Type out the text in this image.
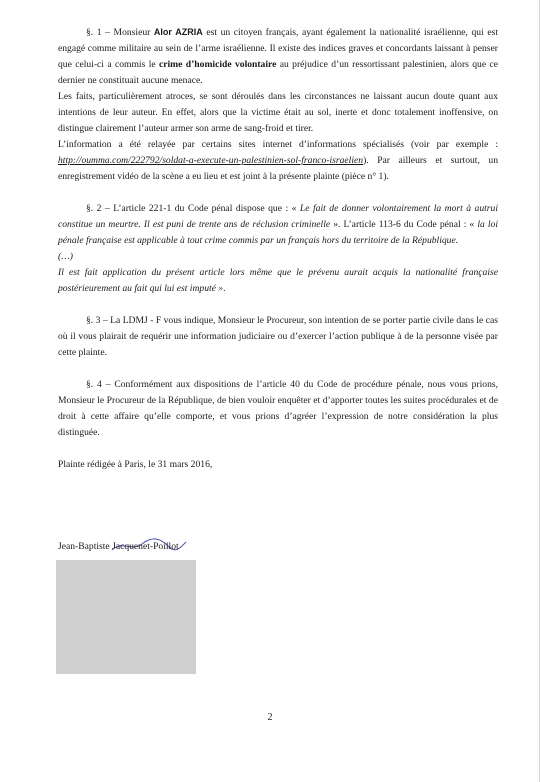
§. 1 – Monsieur Alor AZRIA est un citoyen français, ayant également la nationalité israélienne, qui est engagé comme militaire au sein de l’arme israélienne. Il existe des indices graves et concordants laissant à penser que celui-ci a commis le crime d’homicide volontaire au préjudice d’un ressortissant palestinien, alors que ce dernier ne constituait aucune menace.

Les faits, particulièrement atroces, se sont déroulés dans les circonstances ne laissant aucun doute quant aux intentions de leur auteur. En effet, alors que la victime était au sol, inerte et donc totalement inoffensive, on distingue clairement l’auteur armer son arme de sang-froid et tirer.

L’information a été relayée par certains sites internet d’informations spécialisés (voir par exemple : http://oumma.com/222792/soldat-a-execute-un-palestinien-sol-franco-israelien). Par ailleurs et surtout, un enregistrement vidéo de la scène a eu lieu et est joint à la présente plainte (pièce n° 1).

§. 2 – L’article 221-1 du Code pénal dispose que : « Le fait de donner volontairement la mort à autrui constitue un meurtre. Il est puni de trente ans de réclusion criminelle ». L’article 113-6 du Code pénal : « la loi pénale française est applicable à tout crime commis par un français hors du territoire de la République.

(…)

Il est fait application du présent article lors même que le prévenu aurait acquis la nationalité française postérieurement au fait qui lui est imputé ».

§. 3 – La LDMJ - F vous indique, Monsieur le Procureur, son intention de se porter partie civile dans le cas où il vous plairait de requérir une information judiciaire ou d’exercer l’action publique à de la personne visée par cette plainte.

§. 4 – Conformément aux dispositions de l’article 40 du Code de procédure pénale, nous vous prions, Monsieur le Procureur de la République, de bien vouloir enquêter et d’apporter toutes les suites procédurales et de droit à cette affaire qu’elle comporte, et vous prions d’agréer l’expression de notre considération la plus distinguée.

Plainte rédigée à Paris, le 31 mars 2016,

Jean-Baptiste Jacquenet-Poillot
2
